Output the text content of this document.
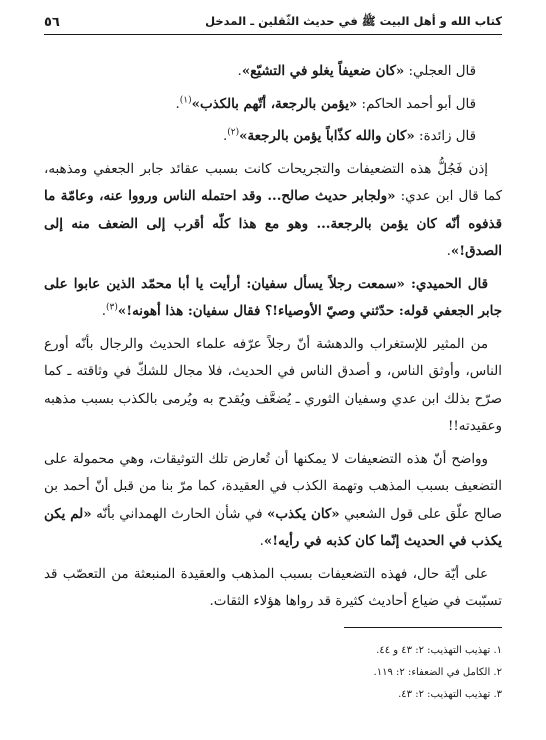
كتاب الله و أهل البيت ﷺ في حديث الثّقلين ـ المدخل
٥٦

قال العجلي: «كان ضعيفاً يغلو في التشيّع».

قال أبو أحمد الحاكم: «يؤمن بالرجعة، أتّهم بالكذب»$^{(١)}$.

قال زائدة: «كان والله كذّاباً يؤمن بالرجعة»$^{(٢)}$.

إذن فَجُلُّ هذه التضعيفات والتجريحات كانت بسبب عقائد جابر الجعفي ومذهبه، كما قال ابن عدي: «ولجابر حديث صالح... وقد احتمله الناس ورووا عنه، وعامّة ما قذفوه أنّه كان يؤمن بالرجعة... وهو مع هذا كلّه أقرب إلى الضعف منه إلى الصدق!».

قال الحميدي: «سمعت رجلاً يسأل سفيان: أرأيت يا أبا محمّد الذين عابوا على جابر الجعفي قوله: حدّثني وصيّ الأوصياء!؟ فقال سفيان: هذا أهونه!»$^{(٣)}$.

من المثير للإستغراب والدهشة أنّ رجلاً عرّفه علماء الحديث والرجال بأنّه أورع الناس، وأوثق الناس، و أصدق الناس في الحديث، فلا مجال للشكّ في وثاقته ـ كما صرّح بذلك ابن عدي وسفيان الثوري ـ يُضعَّف ويُقدح به ويُرمى بالكذب بسبب مذهبه وعقيدته!!

وواضح أنّ هذه التضعيفات لا يمكنها أن تُعارض تلك التوثيقات، وهي محمولة على التضعيف بسبب المذهب وتهمة الكذب في العقيدة، كما مرّ بنا من قبل أنّ أحمد بن صالح علّق على قول الشعبي «كان يكذب» في شأن الحارث الهمداني بأنّه «لم يكن يكذب في الحديث إنّما كان كذبه في رأيه!».

على أيّة حال، فهذه التضعيفات بسبب المذهب والعقيدة المنبعثة من التعصّب قد تسبّبت في ضياع أحاديث كثيرة قد رواها هؤلاء الثقات.

١. تهذيب التهذيب: ٢: ٤٣ و ٤٤.
٢. الكامل في الضعفاء: ٢: ١١٩.
٣. تهذيب التهذيب: ٢: ٤٣.
